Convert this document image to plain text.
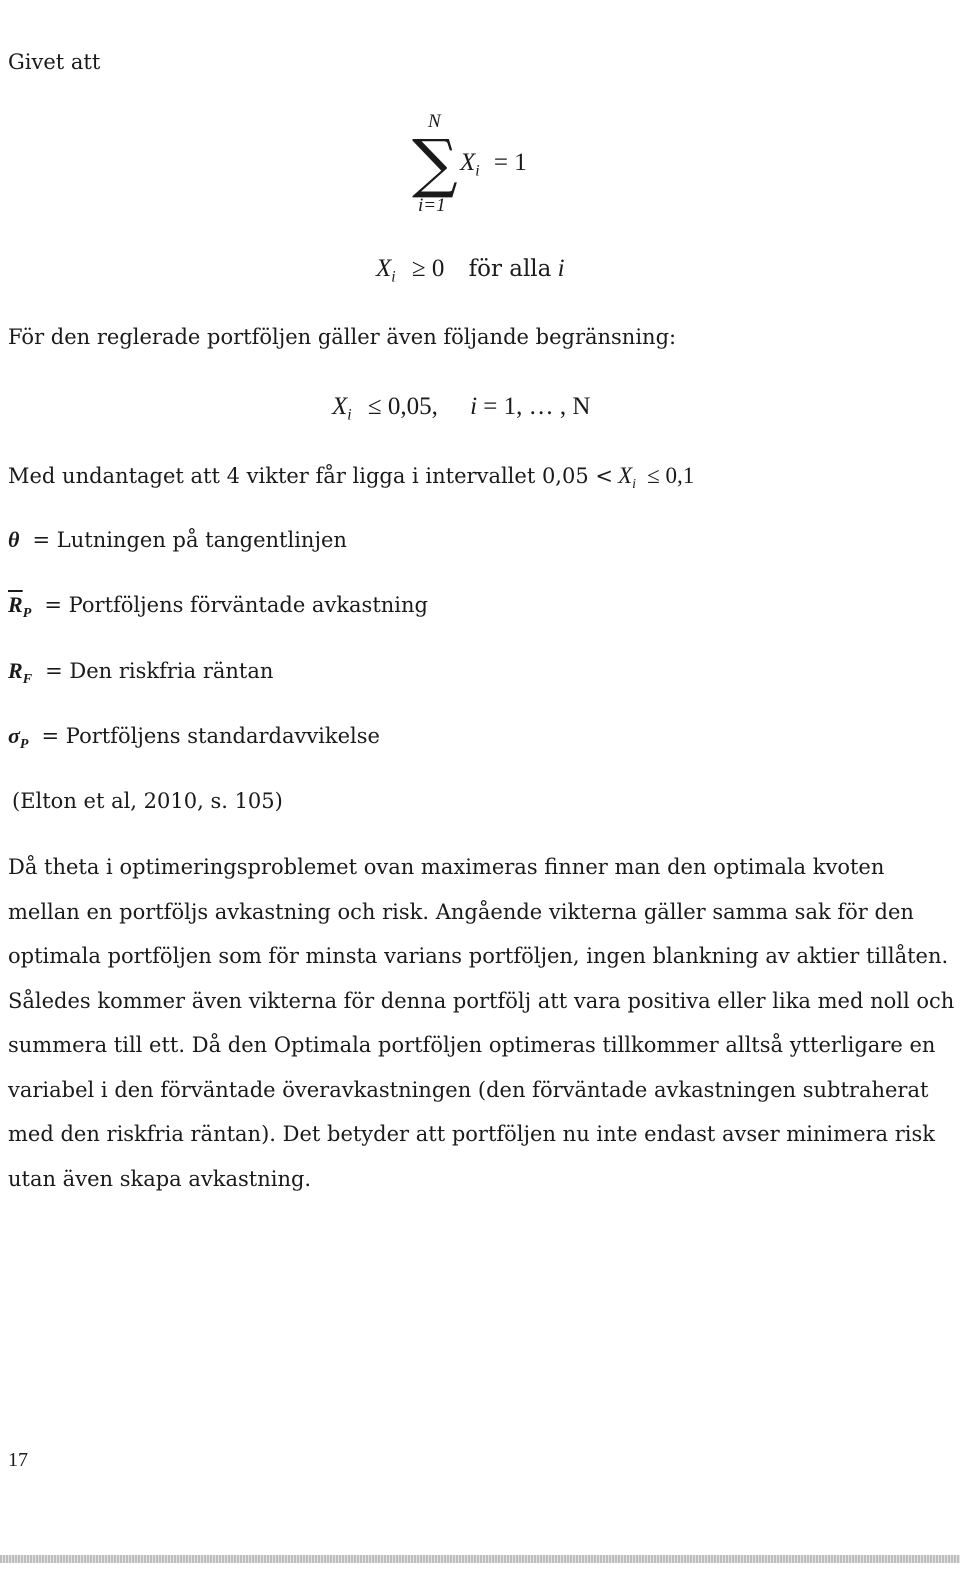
Givet att
N
∑
i=1
$X_i = 1$
$X_i \ge 0$ för alla i
För den reglerade portföljen gäller även följande begränsning:
$X_i \le 0,05$, i = 1, … , N
Med undantaget att 4 vikter får ligga i intervallet $0,05 < X_i \le 0,1$
θ = Lutningen på tangentlinjen
$\overline{R}_P$ = Portföljens förväntade avkastning
$R_F$ = Den riskfria räntan
$\sigma_P$ = Portföljens standardavvikelse
(Elton et al, 2010, s. 105)
Då theta i optimeringsproblemet ovan maximeras finner man den optimala kvoten mellan en portföljs avkastning och risk. Angående vikterna gäller samma sak för den optimala portföljen som för minsta varians portföljen, ingen blankning av aktier tillåten. Således kommer även vikterna för denna portfölj att vara positiva eller lika med noll och summera till ett. Då den Optimala portföljen optimeras tillkommer alltså ytterligare en variabel i den förväntade överavkastningen (den förväntade avkastningen subtraherat med den riskfria räntan). Det betyder att portföljen nu inte endast avser minimera risk utan även skapa avkastning.
17
